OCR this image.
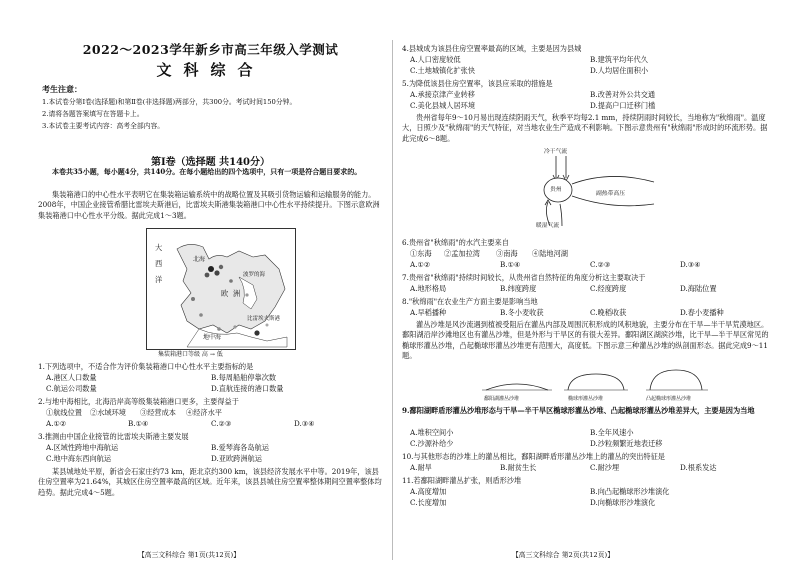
2022～2023学年新乡市高三年级入学测试
文科综合
考生注意：
1.本试卷分第Ⅰ卷(选择题)和第Ⅱ卷(非选择题)两部分，共300分。考试时间150分钟。
2.请将各题答案填写在答题卡上。
3.本试卷主要考试内容：高考全部内容。
第Ⅰ卷（选择题 共140分）
本卷共35小题，每小题4分，共140分。在每小题给出的四个选项中，只有一项是符合题目要求的。
集装箱港口的中心性水平表明它在集装箱运输系统中的战略位置及其吸引货物运输和运输服务的能力。2008年，中国企业接管希腊比雷埃夫斯港后，比雷埃夫斯港集装箱港口中心性水平持续提升。下图示意欧洲集装箱港口中心性水平分级。据此完成1～3题。
大
西
洋
欧 洲
北海
波罗的海
地中海
比雷埃夫斯港
集装箱港口等级 高 → 低
1.下列选项中，不适合作为评价集装箱港口中心性水平主要指标的是
A.港区人口数量	B.每周船舶停靠次数
C.航运公司数量	D.直航连接的港口数量
2.与地中海相比，北海沿岸高等级集装箱港口更多，主要得益于
①航线位置 ②水域环境 ③经营成本 ④经济水平
A.①②	B.①④	C.②③	D.③④
3.推测由中国企业接管的比雷埃夫斯港主要发展
A.区域性跨地中海航运	B.爱琴海各岛航运
C.地中海东西向航运	D.亚欧跨洲航运
某县城地处平原，新省会石家庄约73 km，距北京约300 km，该县经济发展水平中等。2019年，该县住房空置率为21.64%，其城区住房空置率最高的区域。近年来，该县县城住房空置率整体期间空置率整体均趋势。据此完成4～5题。
【高三文科综合 第1页(共12页)】
4.县城成为该县住房空置率最高的区域，主要是因为县城
A.人口密度较低	B.建筑平均年代久
C.土地城镇化扩张快	D.人均居住面积小
5.为降低该县住房空置率，该县应采取的措施是
A.承接京津产业转移	B.改善对外公共交通
C.美化县城人居环境	D.提高户口迁移门槛
贵州省每年9～10月易出现连续阴雨天气，秋季平均每2.1 mm，持续阴雨时间较长，当地称为"秋绵雨"。温度大，日照少及"秋绵雨"的天气特征，对当地农业生产造成不利影响。下图示意贵州有"秋绵雨"形成时的环流形势。据此完成6～8题。
冷干气流
贵州
副热带高压
暖湿气流
6.贵州省"秋绵雨"的水汽主要来自
①东海 ②孟加拉湾 ③南海 ④陆地河湖
A.①②	B.①④	C.②③	D.③④
7.贵州省"秋绵雨"持续时间较长，从贵州省自然特征的角度分析这主要取决于
A.地形格局	B.纬度跨度	C.经度跨度	D.海陆位置
8."秋绵雨"在农业生产方面主要是影响当地
A.早稻播种	B.冬小麦收获	C.晚稻收获	D.春小麦播种
灌丛沙堆是风沙流遇到植被受阻后在灌丛内部及周围沉积形成的风积地貌，主要分布在干旱—半干旱荒漠地区。鄱阳湖沿岸沙滩地区也有灌丛沙堆，但是外形与干旱区的有很大差异。鄱阳湖区湖滨沙堆，比干旱—半干旱区常见的椭球形灌丛沙堆，凸起椭球形灌丛沙堆更有范围大，高度低。下图示意三种灌丛沙堆的纵剖面形态。据此完成9～11题。
鄱阳湖灌丛沙堆	椭球形灌丛沙堆	凸起椭球形灌丛沙堆
9.鄱阳湖畔盾形灌丛沙堆形态与干旱—半干旱区椭球形灌丛沙堆、凸起椭球形灌丛沙堆差异大，主要是因为当地
A.堆积空间小	B.全年风速小
C.沙源补给少	D.沙粒频繁近地表迁移
10.与其他形态的沙堆上的灌丛相比，鄱阳湖畔盾形灌丛沙堆上的灌丛的突出特征是
A.耐旱	B.耐贫生长	C.耐沙埋	D.根系发达
11.若鄱阳湖畔灌丛扩张，则盾形沙堆
A.高度增加	B.向凸起椭球形沙堆演化
C.长度增加	D.向椭球形沙堆演化
【高三文科综合 第2页(共12页)】
